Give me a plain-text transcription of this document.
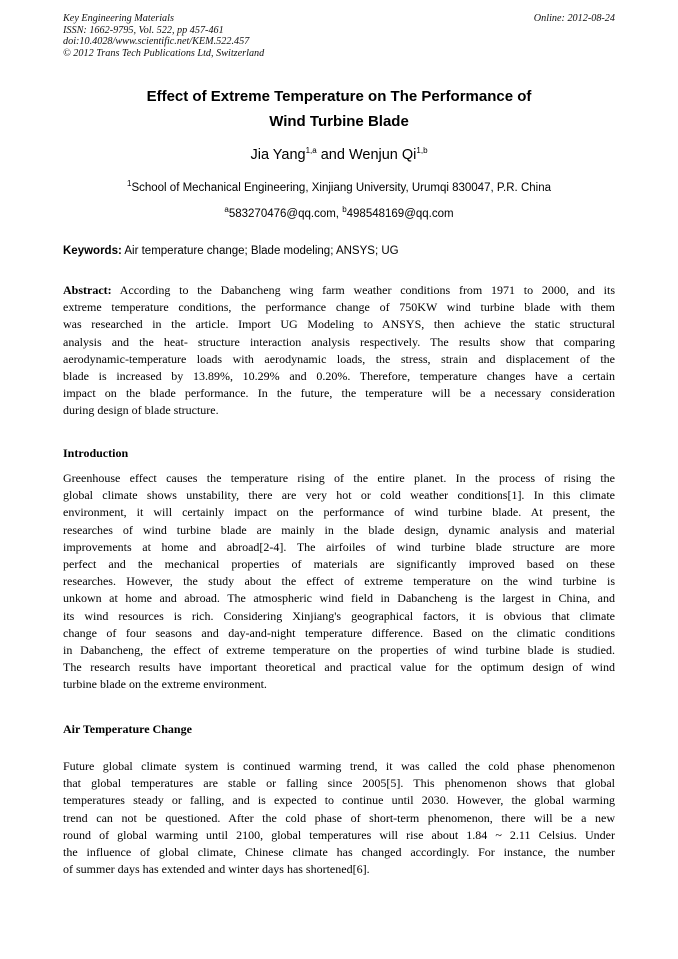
Key Engineering Materials
ISSN: 1662-9795, Vol. 522, pp 457-461
doi:10.4028/www.scientific.net/KEM.522.457
© 2012 Trans Tech Publications Ltd, Switzerland
Online: 2012-08-24
Effect of Extreme Temperature on The Performance of
Wind Turbine Blade
Jia Yang$^{1,a}$ and Wenjun Qi$^{1,b}$
$^1$School of Mechanical Engineering, Xinjiang University, Urumqi 830047, P.R. China
$^a$583270476@qq.com, $^b$498548169@qq.com
Keywords: Air temperature change; Blade modeling; ANSYS; UG
Abstract: According to the Dabancheng wing farm weather conditions from 1971 to 2000, and its
extreme temperature conditions, the performance change of 750KW wind turbine blade with them
was researched in the article. Import UG Modeling to ANSYS, then achieve the static structural
analysis and the heat- structure interaction analysis respectively. The results show that comparing
aerodynamic-temperature loads with aerodynamic loads, the stress, strain and displacement of the
blade is increased by 13.89%, 10.29% and 0.20%. Therefore, temperature changes have a certain
impact on the blade performance. In the future, the temperature will be a necessary consideration
during design of blade structure.
Introduction
Greenhouse effect causes the temperature rising of the entire planet. In the process of rising the
global climate shows unstability, there are very hot or cold weather conditions[1]. In this climate
environment, it will certainly impact on the performance of wind turbine blade. At present, the
researches of wind turbine blade are mainly in the blade design, dynamic analysis and material
improvements at home and abroad[2-4]. The airfoiles of wind turbine blade structure are more
perfect and the mechanical properties of materials are significantly improved based on these
researches. However, the study about the effect of extreme temperature on the wind turbine is
unkown at home and abroad. The atmospheric wind field in Dabancheng is the largest in China, and
its wind resources is rich. Considering Xinjiang's geographical factors, it is obvious that climate
change of four seasons and day-and-night temperature difference. Based on the climatic conditions
in Dabancheng, the effect of extreme temperature on the properties of wind turbine blade is studied.
The research results have important theoretical and practical value for the optimum design of wind
turbine blade on the extreme environment.
Air Temperature Change
Future global climate system is continued warming trend, it was called the cold phase phenomenon
that global temperatures are stable or falling since 2005[5]. This phenomenon shows that global
temperatures steady or falling, and is expected to continue until 2030. However, the global warming
trend can not be questioned. After the cold phase of short-term phenomenon, there will be a new
round of global warming until 2100, global temperatures will rise about 1.84 ~ 2.11 Celsius. Under
the influence of global climate, Chinese climate has changed accordingly. For instance, the number
of summer days has extended and winter days has shortened[6].
